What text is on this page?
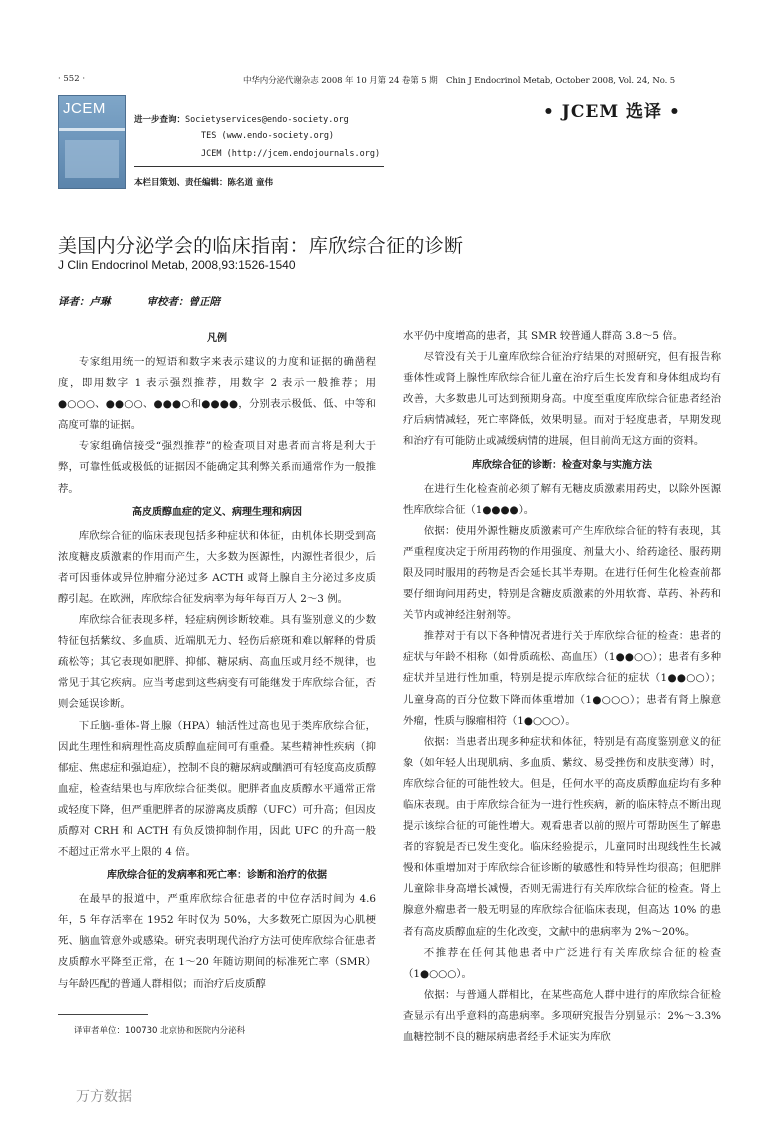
· 552 ·	中华内分泌代谢杂志 2008 年 10 月第 24 卷第 5 期　Chin J Endocrinol Metab, October 2008, Vol. 24, No. 5
JCEM
进一步查询：Societyservices@endo-society.org
TES (www.endo-society.org)
JCEM (http://jcem.endojournals.org)
本栏目策划、责任编辑：陈名道 童伟
• JCEM 选译 •
美国内分泌学会的临床指南：库欣综合征的诊断
J Clin Endocrinol Metab, 2008,93:1526-1540
译者：卢琳	审校者：曾正陪
凡例

专家组用统一的短语和数字来表示建议的力度和证据的确凿程度，即用数字 1 表示强烈推荐，用数字 2 表示一般推荐；用●○○○、●●○○、●●●○和●●●●，分别表示极低、低、中等和高度可靠的证据。

专家组确信接受“强烈推荐”的检查项目对患者而言将是利大于弊，可靠性低或极低的证据因不能确定其利弊关系而通常作为一般推荐。

高皮质醇血症的定义、病理生理和病因

库欣综合征的临床表现包括多种症状和体征，由机体长期受到高浓度糖皮质激素的作用而产生，大多数为医源性，内源性者很少，后者可因垂体或异位肿瘤分泌过多 ACTH 或肾上腺自主分泌过多皮质醇引起。在欧洲，库欣综合征发病率为每年每百万人 2～3 例。

库欣综合征表现多样，轻症病例诊断较难。具有鉴别意义的少数特征包括紫纹、多血质、近端肌无力、轻伤后瘀斑和难以解释的骨质疏松等；其它表现如肥胖、抑郁、糖尿病、高血压或月经不规律，也常见于其它疾病。应当考虑到这些病变有可能继发于库欣综合征，否则会延误诊断。

下丘脑-垂体-肾上腺（HPA）轴活性过高也见于类库欣综合征，因此生理性和病理性高皮质醇血症间可有重叠。某些精神性疾病（抑郁症、焦虑症和强迫症），控制不良的糖尿病或酗酒可有轻度高皮质醇血症，检查结果也与库欣综合征类似。肥胖者血皮质醇水平通常正常或轻度下降，但严重肥胖者的尿游离皮质醇（UFC）可升高；但因皮质醇对 CRH 和 ACTH 有负反馈抑制作用，因此 UFC 的升高一般不超过正常水平上限的 4 倍。

库欣综合征的发病率和死亡率：诊断和治疗的依据

在最早的报道中，严重库欣综合征患者的中位存活时间为 4.6 年，5 年存活率在 1952 年时仅为 50%，大多数死亡原因为心肌梗死、脑血管意外或感染。研究表明现代治疗方法可使库欣综合征患者皮质醇水平降至正常，在 1～20 年随访期间的标准死亡率（SMR）与年龄匹配的普通人群相似；而治疗后皮质醇

水平仍中度增高的患者，其 SMR 较普通人群高 3.8～5 倍。

尽管没有关于儿童库欣综合征治疗结果的对照研究，但有报告称垂体性或肾上腺性库欣综合征儿童在治疗后生长发育和身体组成均有改善，大多数患儿可达到预期身高。中度至重度库欣综合征患者经治疗后病情减轻，死亡率降低，效果明显。而对于轻度患者，早期发现和治疗有可能防止或减缓病情的进展，但目前尚无这方面的资料。

库欣综合征的诊断：检查对象与实施方法

在进行生化检查前必须了解有无糖皮质激素用药史，以除外医源性库欣综合征（1●●●●）。

依据：使用外源性糖皮质激素可产生库欣综合征的特有表现，其严重程度决定于所用药物的作用强度、剂量大小、给药途径、服药期限及同时服用的药物是否会延长其半寿期。在进行任何生化检查前都要仔细询问用药史，特别是含糖皮质激素的外用软膏、草药、补药和关节内或神经注射剂等。

推荐对于有以下各种情况者进行关于库欣综合征的检查：患者的症状与年龄不相称（如骨质疏松、高血压）（1●●○○）；患者有多种症状并呈进行性加重，特别是提示库欣综合征的症状（1●●○○）；儿童身高的百分位数下降而体重增加（1●○○○）；患者有肾上腺意外瘤，性质与腺瘤相符（1●○○○）。

依据：当患者出现多种症状和体征，特别是有高度鉴别意义的征象（如年轻人出现肌病、多血质、紫纹、易受挫伤和皮肤变薄）时，库欣综合征的可能性较大。但是，任何水平的高皮质醇血症均有多种临床表现。由于库欣综合征为一进行性疾病，新的临床特点不断出现提示该综合征的可能性增大。观看患者以前的照片可帮助医生了解患者的容貌是否已发生变化。临床经验提示，儿童同时出现线性生长减慢和体重增加对于库欣综合征诊断的敏感性和特异性均很高；但肥胖儿童除非身高增长减慢，否则无需进行有关库欣综合征的检查。肾上腺意外瘤患者一般无明显的库欣综合征临床表现，但高达 10% 的患者有高皮质醇血症的生化改变，文献中的患病率为 2%～20%。

不推荐在任何其他患者中广泛进行有关库欣综合征的检查（1●○○○）。

依据：与普通人群相比，在某些高危人群中进行的库欣综合征检查显示有出乎意料的高患病率。多项研究报告分别显示：2%～3.3% 血糖控制不良的糖尿病患者经手术证实为库欣

译审者单位：100730 北京协和医院内分泌科
万方数据
